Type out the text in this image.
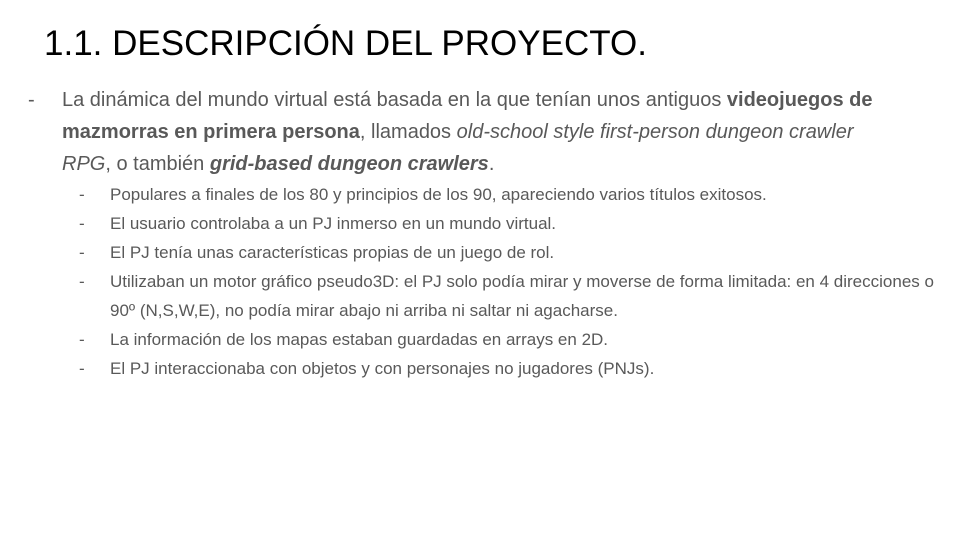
1.1. DESCRIPCIÓN DEL PROYECTO.
- La dinámica del mundo virtual está basada en la que tenían unos antiguos videojuegos de mazmorras en primera persona, llamados old-school style first-person dungeon crawler RPG, o también grid-based dungeon crawlers.
- Populares a finales de los 80 y principios de los 90, apareciendo varios títulos exitosos.
- El usuario controlaba a un PJ inmerso en un mundo virtual.
- El PJ tenía unas características propias de un juego de rol.
- Utilizaban un motor gráfico pseudo3D: el PJ solo podía mirar y moverse de forma limitada: en 4 direcciones o 90º (N,S,W,E), no podía mirar abajo ni arriba ni saltar ni agacharse.
- La información de los mapas estaban guardadas en arrays en 2D.
- El PJ interaccionaba con objetos y con personajes no jugadores (PNJs).
